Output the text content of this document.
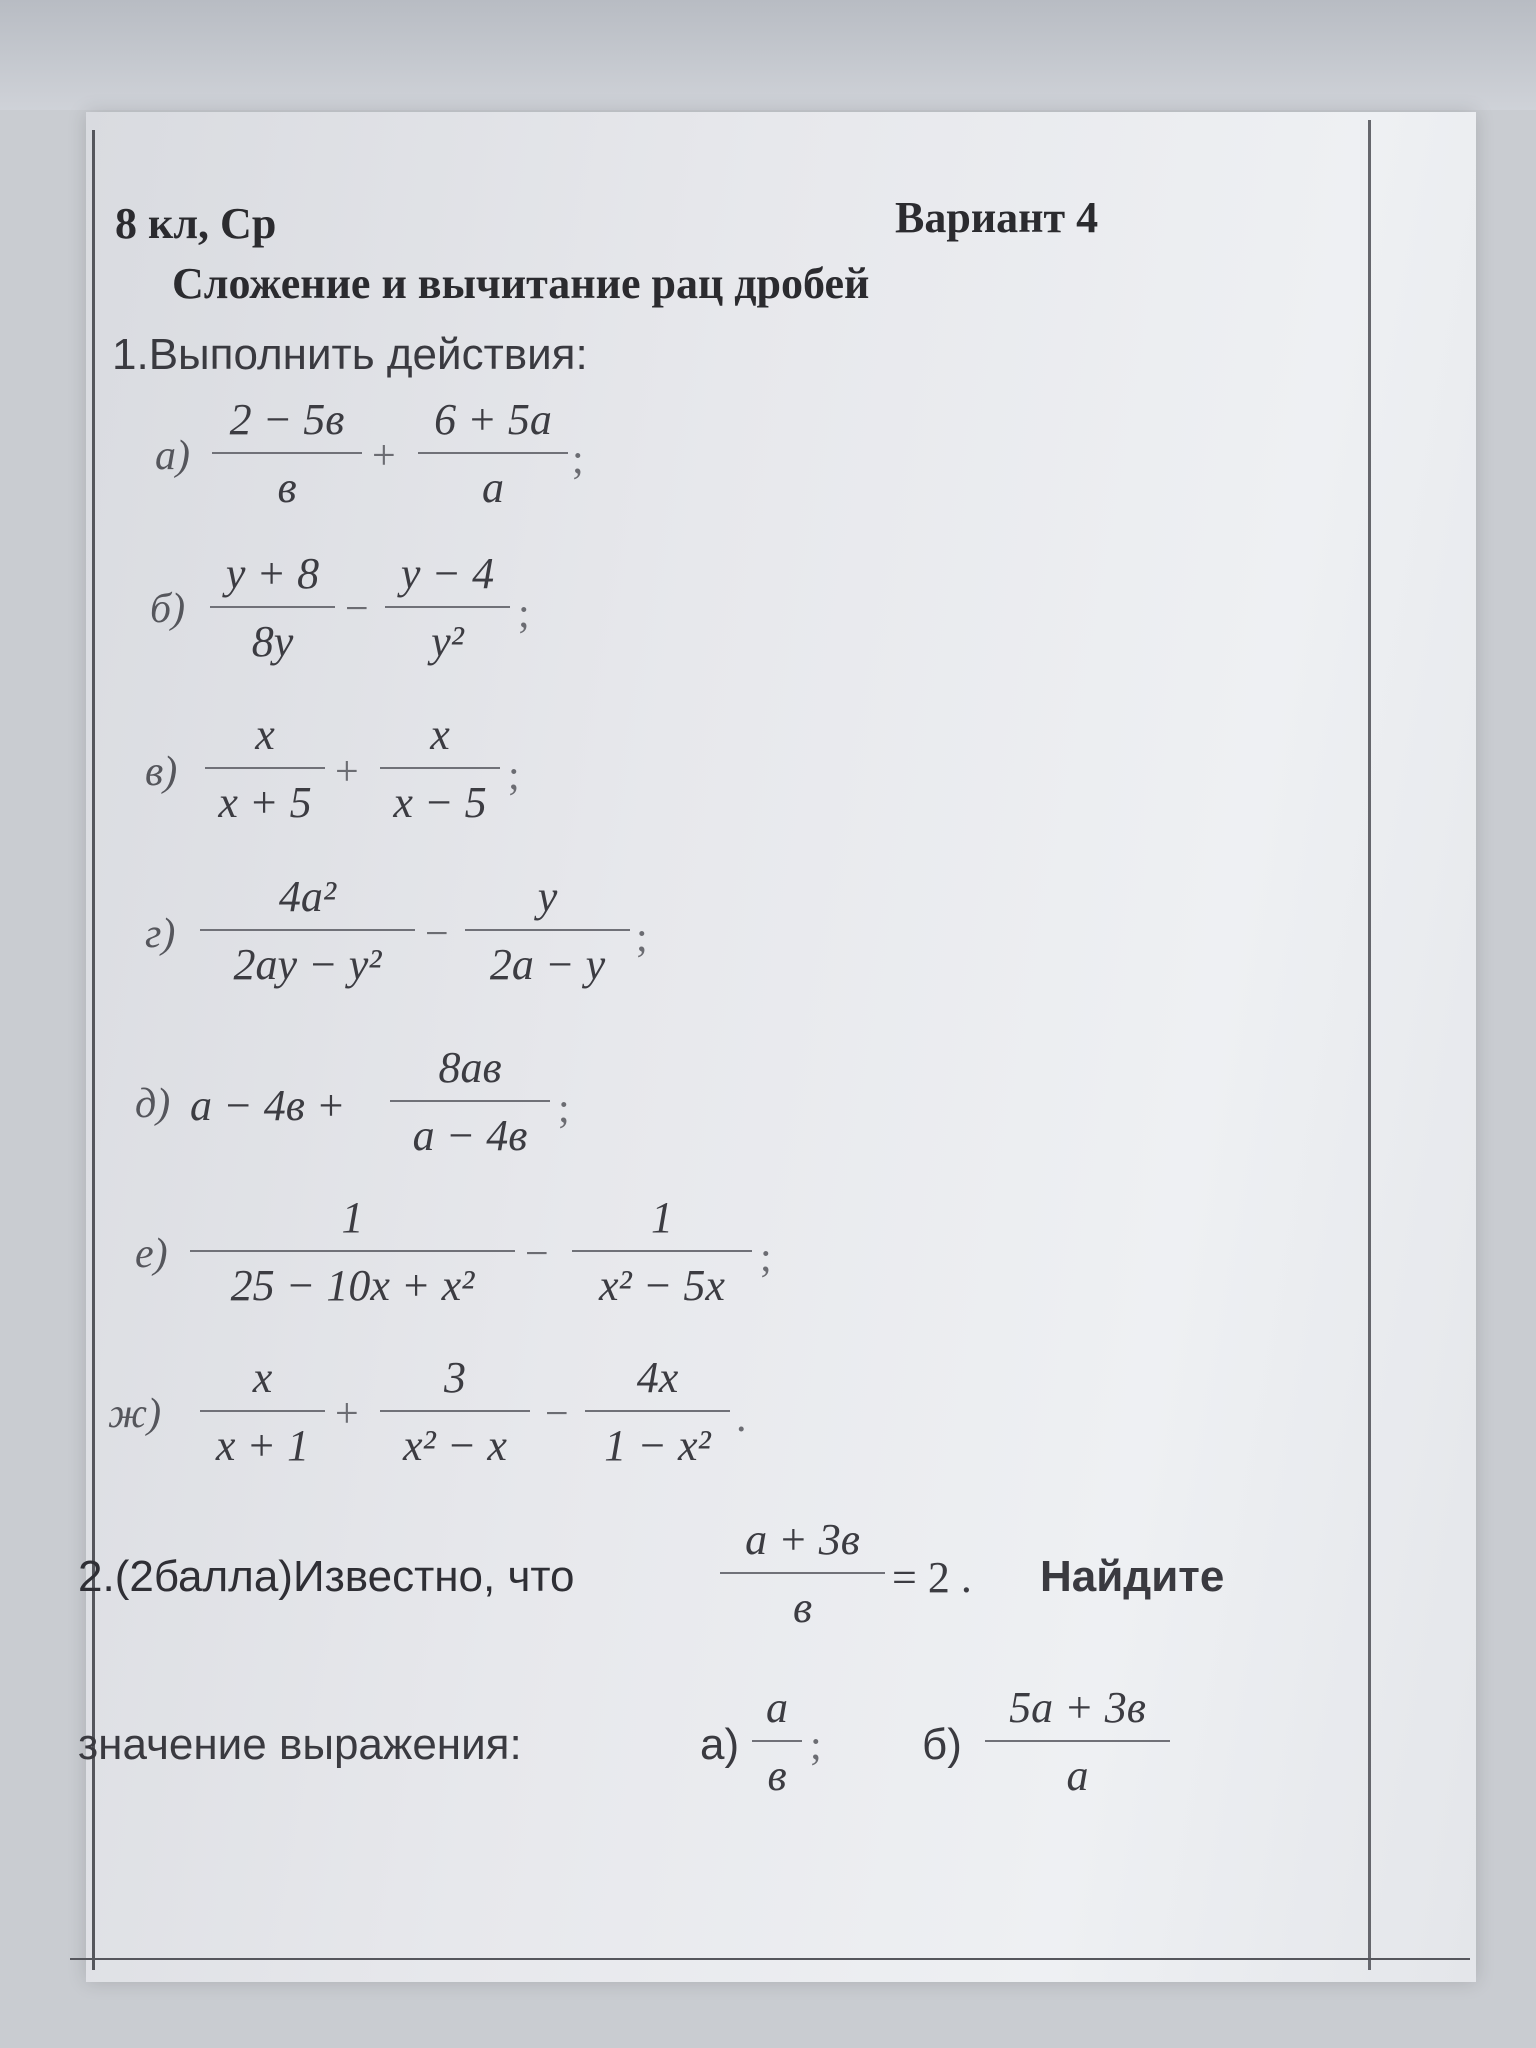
8 кл, Ср	Вариант 4
Сложение и вычитание рац дробей
1.Выполнить действия:
а)
2 − 5в
в
+
6 + 5а
а
;
б)
y + 8
8y
−
y − 4
y²
;
в)
x
x + 5
+
x
x − 5
;
г)
4a²
2ay − y²
−
y
2a − y
;
д) a − 4в +
8ав
a − 4в
;
е)
1
25 − 10x + x²
−
1
x² − 5x
;
ж)
x
x + 1
+
3
x² − x
−
4x
1 − x²
.
2.(2балла)Известно, что
a + 3в
в
= 2 . Найдите
значение выражения:	а)
a
в
; б)
5a + 3в
a
